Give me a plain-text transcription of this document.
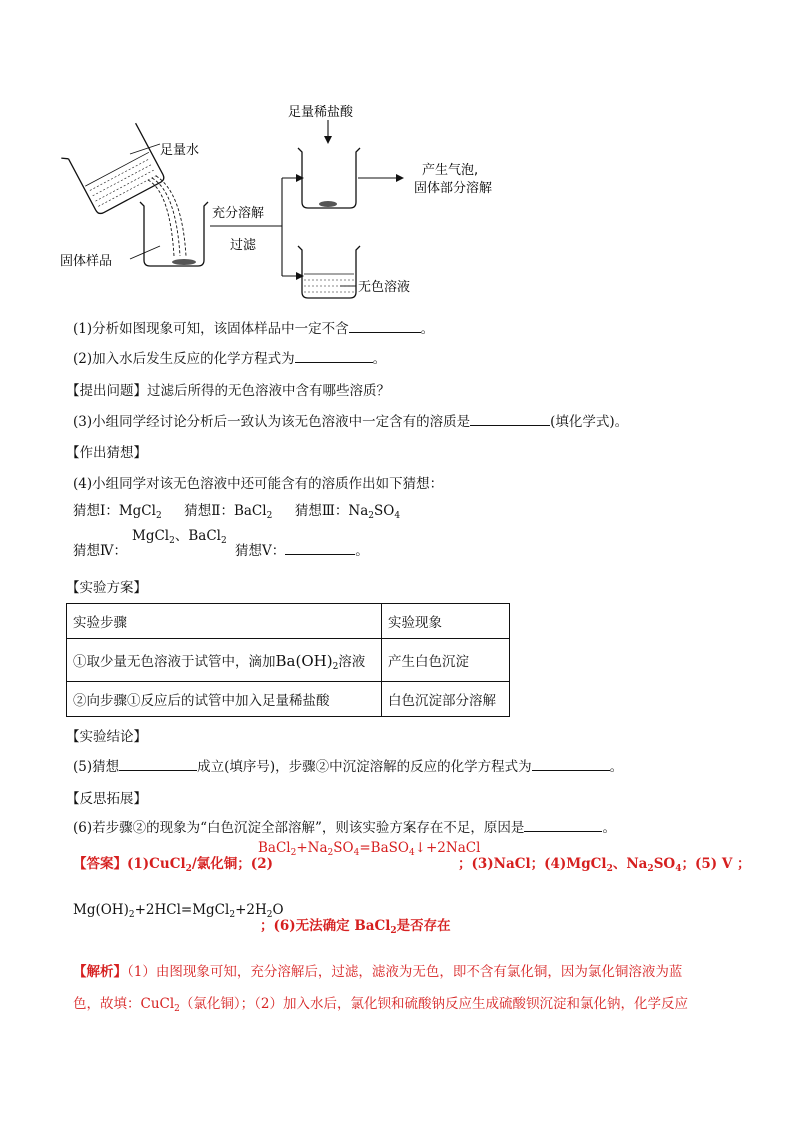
足量水
固体样品
充分溶解
过滤
足量稀盐酸
产生气泡,
固体部分溶解
无色溶液
(1)分析如图现象可知，该固体样品中一定不含	。
(2)加入水后发生反应的化学方程式为	。
【提出问题】过滤后所得的无色溶液中含有哪些溶质？
(3)小组同学经讨论分析后一致认为该无色溶液中一定含有的溶质是	(填化学式)。
【作出猜想】
(4)小组同学对该无色溶液中还可能含有的溶质作出如下猜想：
猜想Ⅰ：MgCl$_2$ 猜想Ⅱ：BaCl$_2$ 猜想Ⅲ：$Na_2SO_4$
MgCl$_2$、BaCl$_2$
猜想Ⅳ：	猜想Ⅴ：	。
【实验方案】
实验步骤	实验现象
①取少量无色溶液于试管中，滴加$Ba(OH)_2$溶液	产生白色沉淀
②向步骤①反应后的试管中加入足量稀盐酸	白色沉淀部分溶解
【实验结论】
(5)猜想	成立(填序号)，步骤②中沉淀溶解的反应的化学方程式为	。
【反思拓展】
(6)若步骤②的现象为“白色沉淀全部溶解”，则该实验方案存在不足，原因是	。
【答案】(1)CuCl$_2$/氯化铜；(2)
$BaCl_2+Na_2SO_4=BaSO_4↓+2NaCl$
；(3)NaCl；(4)MgCl$_2$、$Na_2SO_4$；(5) Ⅴ ；
$Mg(OH)_2+2HCl=MgCl_2+2H_2O$
；(6)无法确定 BaCl$_2$是否存在
【解析】（1）由图现象可知，充分溶解后，过滤，滤液为无色，即不含有氯化铜，因为氯化铜溶液为蓝
色，故填：CuCl$_2$（氯化铜）；（2）加入水后，氯化钡和硫酸钠反应生成硫酸钡沉淀和氯化钠，化学反应
